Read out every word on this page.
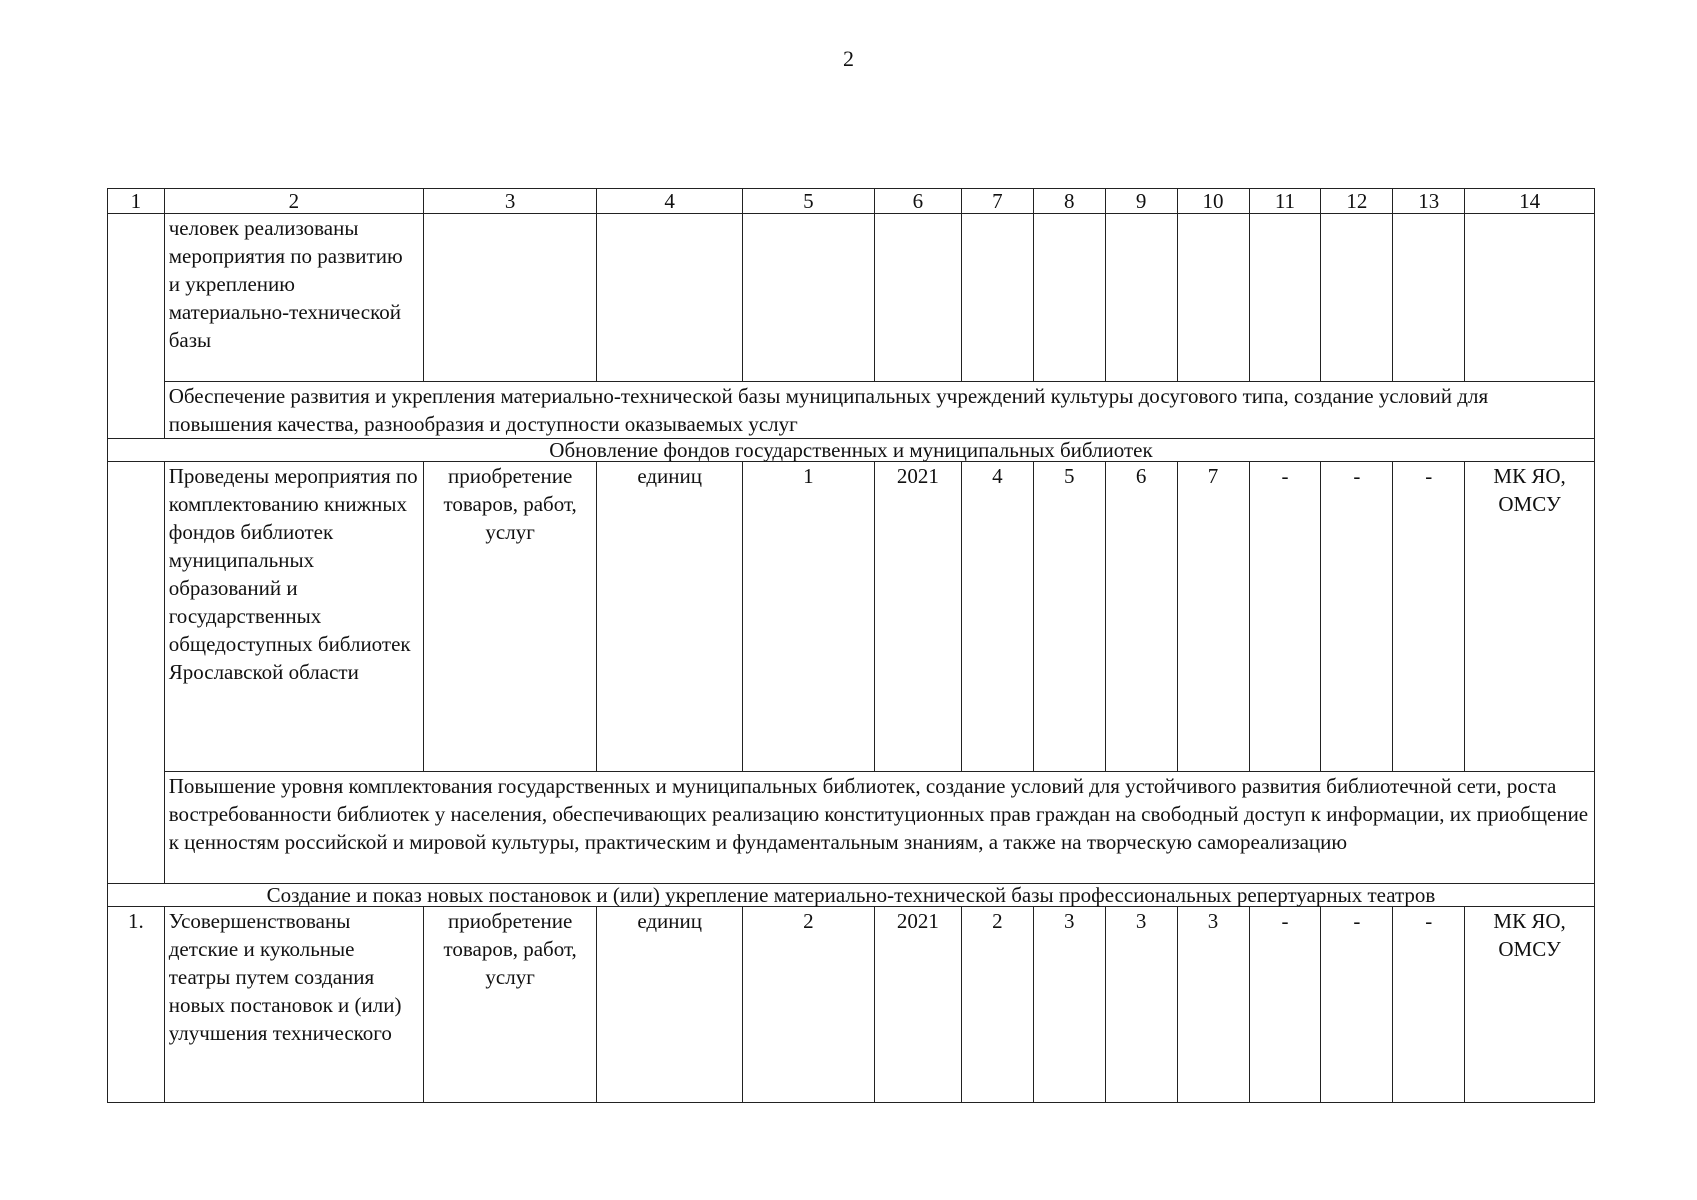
2
1	2	3	4	5	6	7	8	9	10	11	12	13	14
	человек реализованы мероприятия по развитию и укреплению материально-технической базы												
	Обеспечение развития и укрепления материально-технической базы муниципальных учреждений культуры досугового типа, создание условий для повышения качества, разнообразия и доступности оказываемых услуг												
Обновление фондов государственных и муниципальных библиотек													
	Проведены мероприятия по комплектованию книжных фондов библиотек муниципальных образований и государственных общедоступных библиотек Ярославской области	приобретение товаров, работ, услуг	единиц	1	2021	4	5	6	7	-	-	-	МК ЯО, ОМСУ
	Повышение уровня комплектования государственных и муниципальных библиотек, создание условий для устойчивого развития библиотечной сети, роста востребованности библиотек у населения, обеспечивающих реализацию конституционных прав граждан на свободный доступ к информации, их приобщение к ценностям российской и мировой культуры, практическим и фундаментальным знаниям, а также на творческую самореализацию												
Создание и показ новых постановок и (или) укрепление материально-технической базы профессиональных репертуарных театров													
1.	Усовершенствованы детские и кукольные театры путем создания новых постановок и (или) улучшения технического	приобретение товаров, работ, услуг	единиц	2	2021	2	3	3	3	-	-	-	МК ЯО, ОМСУ
